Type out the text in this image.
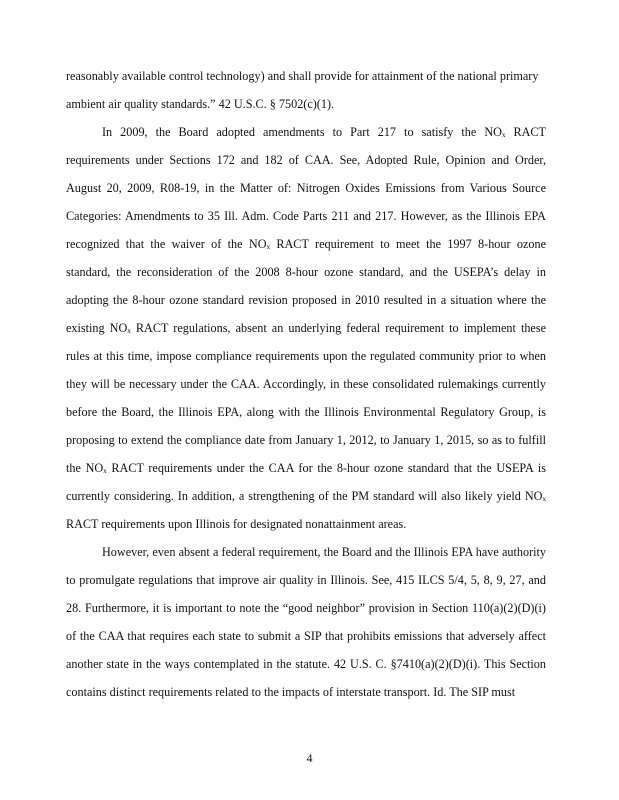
reasonably available control technology) and shall provide for attainment of the national primary
ambient air quality standards.” 42 U.S.C. § 7502(c)(1).
In 2009, the Board adopted amendments to Part 217 to satisfy the NOₓ RACT
requirements under Sections 172 and 182 of CAA. See, Adopted Rule, Opinion and Order,
August 20, 2009, R08-19, in the Matter of: Nitrogen Oxides Emissions from Various Source
Categories: Amendments to 35 Ill. Adm. Code Parts 211 and 217. However, as the Illinois EPA
recognized that the waiver of the NOₓ RACT requirement to meet the 1997 8-hour ozone
standard, the reconsideration of the 2008 8-hour ozone standard, and the USEPA’s delay in
adopting the 8-hour ozone standard revision proposed in 2010 resulted in a situation where the
existing NOₓ RACT regulations, absent an underlying federal requirement to implement these
rules at this time, impose compliance requirements upon the regulated community prior to when
they will be necessary under the CAA. Accordingly, in these consolidated rulemakings currently
before the Board, the Illinois EPA, along with the Illinois Environmental Regulatory Group, is
proposing to extend the compliance date from January 1, 2012, to January 1, 2015, so as to fulfill
the NOₓ RACT requirements under the CAA for the 8-hour ozone standard that the USEPA is
currently considering. In addition, a strengthening of the PM standard will also likely yield NOₓ
RACT requirements upon Illinois for designated nonattainment areas.
However, even absent a federal requirement, the Board and the Illinois EPA have authority
to promulgate regulations that improve air quality in Illinois. See, 415 ILCS 5/4, 5, 8, 9, 27, and
28. Furthermore, it is important to note the “good neighbor” provision in Section 110(a)(2)(D)(i)
of the CAA that requires each state to submit a SIP that prohibits emissions that adversely affect
another state in the ways contemplated in the statute. 42 U.S. C. §7410(a)(2)(D)(i). This Section
contains distinct requirements related to the impacts of interstate transport. Id. The SIP must
4
